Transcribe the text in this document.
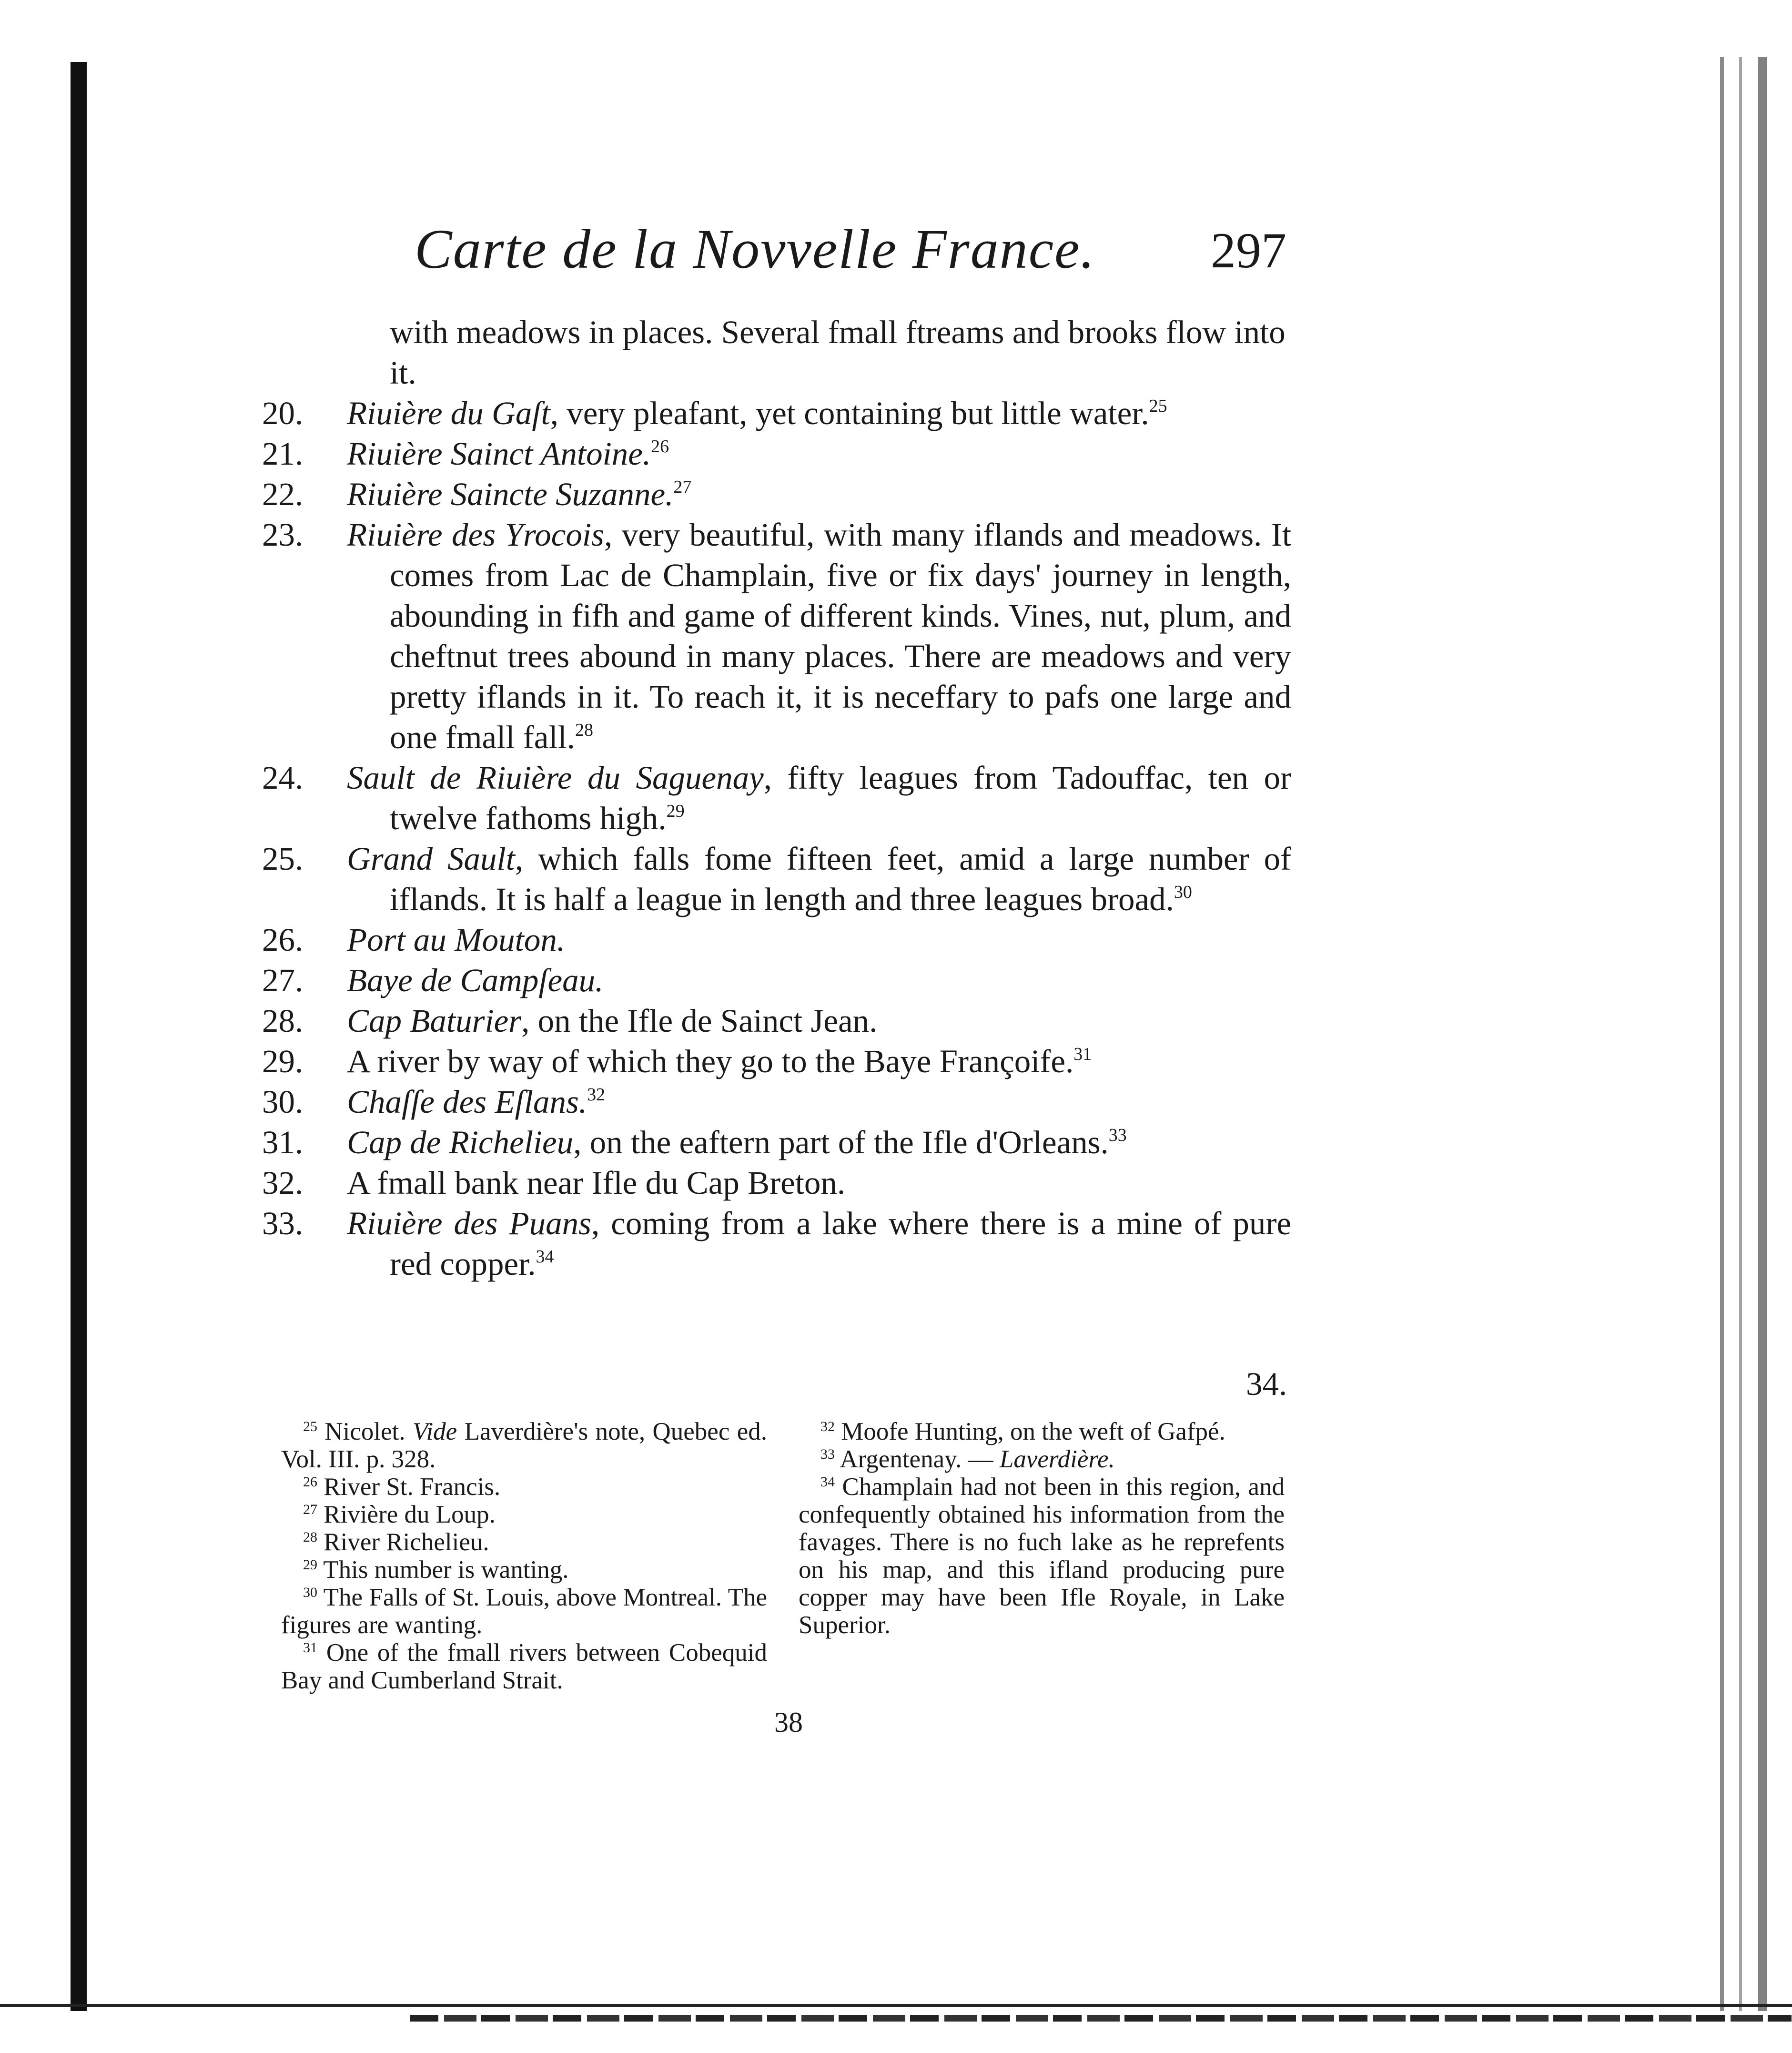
Carte de la Novvelle France. 297
with meadows in places. Several fmall ftreams and brooks flow into it.
20. Riuière du Gaſt, very pleafant, yet containing but little water.$^{25}$
21. Riuière Sainct Antoine.$^{26}$
22. Riuière Saincte Suzanne.$^{27}$
23. Riuière des Yrocois, very beautiful, with many iflands and meadows. It comes from Lac de Champlain, five or fix days' journey in length, abounding in fifh and game of different kinds. Vines, nut, plum, and cheftnut trees abound in many places. There are meadows and very pretty iflands in it. To reach it, it is neceffary to pafs one large and one fmall fall.$^{28}$
24. Sault de Riuière du Saguenay, fifty leagues from Tadouffac, ten or twelve fathoms high.$^{29}$
25. Grand Sault, which falls fome fifteen feet, amid a large number of iflands. It is half a league in length and three leagues broad.$^{30}$
26. Port au Mouton.
27. Baye de Campſeau.
28. Cap Baturier, on the Ifle de Sainct Jean.
29. A river by way of which they go to the Baye Françoife.$^{31}$
30. Chaſſe des Eſlans.$^{32}$
31. Cap de Richelieu, on the eaftern part of the Ifle d'Orleans.$^{33}$
32. A fmall bank near Ifle du Cap Breton.
33. Riuière des Puans, coming from a lake where there is a mine of pure red copper.$^{34}$
34.
$^{25}$ Nicolet. Vide Laverdière's note, Quebec ed. Vol. III. p. 328.
$^{26}$ River St. Francis.
$^{27}$ Rivière du Loup.
$^{28}$ River Richelieu.
$^{29}$ This number is wanting.
$^{30}$ The Falls of St. Louis, above Montreal. The figures are wanting.
$^{31}$ One of the fmall rivers between Cobequid Bay and Cumberland Strait.
$^{32}$ Moofe Hunting, on the weft of Gafpé.
$^{33}$ Argentenay. — Laverdière.
$^{34}$ Champlain had not been in this region, and confequently obtained his information from the favages. There is no fuch lake as he reprefents on his map, and this ifland producing pure copper may have been Ifle Royale, in Lake Superior.
38
